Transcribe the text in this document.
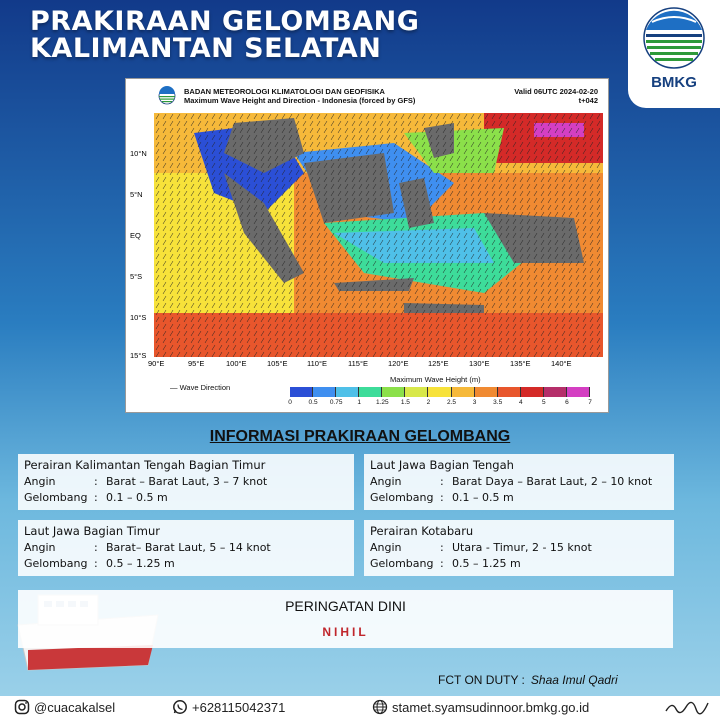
PRAKIRAAN GELOMBANG
KALIMANTAN SELATAN
BMKG
BADAN METEOROLOGI KLIMATOLOGI DAN GEOFISIKA
Maximum Wave Height and Direction - Indonesia (forced by GFS)
Valid 06UTC 2024-02-20
t+042
10°N
5°N
EQ
5°S
10°S
15°S
90°E	95°E	100°E	105°E	110°E	115°E	120°E	125°E	130°E	135°E	140°E
Maximum Wave Height (m)
— Wave Direction
0	0.5	0.75	1	1.25	1.5	2	2.5	3	3.5	4	5	6	7
INFORMASI PRAKIRAAN GELOMBANG
Perairan Kalimantan Tengah Bagian Timur
Angin	: Barat – Barat Laut, 3 – 7 knot
Gelombang : 0.1 – 0.5 m
Laut Jawa Bagian Tengah
Angin	: Barat Daya – Barat Laut, 2 – 10 knot
Gelombang : 0.1 – 0.5 m
Laut Jawa Bagian Timur
Angin	: Barat– Barat Laut, 5 – 14 knot
Gelombang : 0.5 – 1.25 m
Perairan Kotabaru
Angin	: Utara - Timur, 2 - 15 knot
Gelombang : 0.5 – 1.25 m
PERINGATAN DINI
NIHIL
FCT ON DUTY : Shaa Imul Qadri
@cuacakalsel	+628115042371	stamet.syamsudinnoor.bmkg.go.id
